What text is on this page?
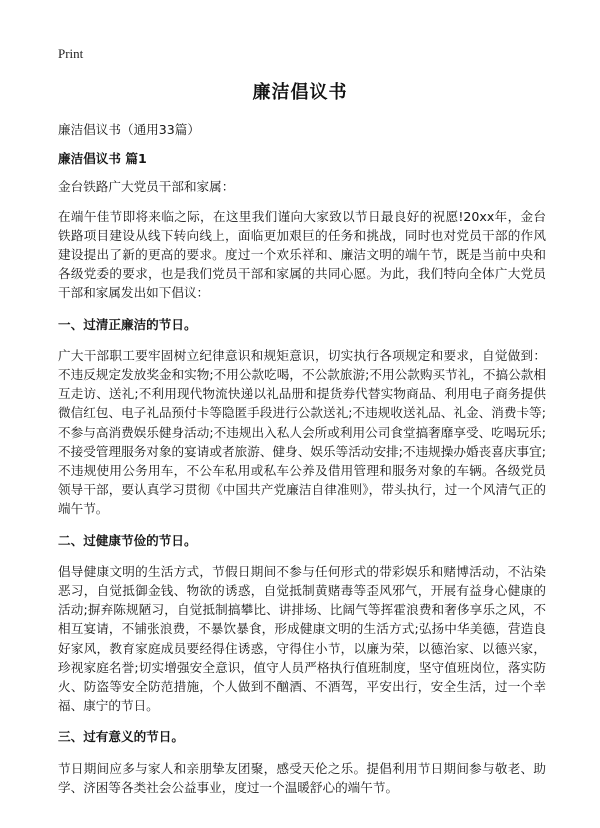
Print
廉洁倡议书
廉洁倡议书（通用33篇）
廉洁倡议书 篇1
金台铁路广大党员干部和家属：
在端午佳节即将来临之际，在这里我们谨向大家致以节日最良好的祝愿!20xx年，金台铁路项目建设从线下转向线上，面临更加艰巨的任务和挑战，同时也对党员干部的作风建设提出了新的更高的要求。度过一个欢乐祥和、廉洁文明的端午节，既是当前中央和各级党委的要求，也是我们党员干部和家属的共同心愿。为此，我们特向全体广大党员干部和家属发出如下倡议：
一、过清正廉洁的节日。
广大干部职工要牢固树立纪律意识和规矩意识，切实执行各项规定和要求，自觉做到：不违反规定发放奖金和实物;不用公款吃喝，不公款旅游;不用公款购买节礼，不搞公款相互走访、送礼;不利用现代物流快递以礼品册和提货券代替实物商品、利用电子商务提供微信红包、电子礼品预付卡等隐匿手段进行公款送礼;不违规收送礼品、礼金、消费卡等;不参与高消费娱乐健身活动;不违规出入私人会所或利用公司食堂搞奢靡享受、吃喝玩乐;不接受管理服务对象的宴请或者旅游、健身、娱乐等活动安排;不违规操办婚丧喜庆事宜;不违规使用公务用车，不公车私用或私车公养及借用管理和服务对象的车辆。各级党员领导干部，要认真学习贯彻《中国共产党廉洁自律准则》，带头执行，过一个风清气正的端午节。
二、过健康节俭的节日。
倡导健康文明的生活方式，节假日期间不参与任何形式的带彩娱乐和赌博活动，不沾染恶习，自觉抵御金钱、物欲的诱惑，自觉抵制黄赌毒等歪风邪气，开展有益身心健康的活动;摒弃陈规陋习，自觉抵制搞攀比、讲排场、比阔气等挥霍浪费和奢侈享乐之风，不相互宴请，不铺张浪费，不暴饮暴食，形成健康文明的生活方式;弘扬中华美德，营造良好家风，教育家庭成员要经得住诱惑，守得住小节，以廉为荣，以德治家、以德兴家，珍视家庭名誉;切实增强安全意识，值守人员严格执行值班制度，坚守值班岗位，落实防火、防盗等安全防范措施，个人做到不酗酒、不酒驾，平安出行，安全生活，过一个幸福、康宁的节日。
三、过有意义的节日。
节日期间应多与家人和亲朋挚友团聚，感受天伦之乐。提倡利用节日期间参与敬老、助学、济困等各类社会公益事业，度过一个温暖舒心的端午节。
